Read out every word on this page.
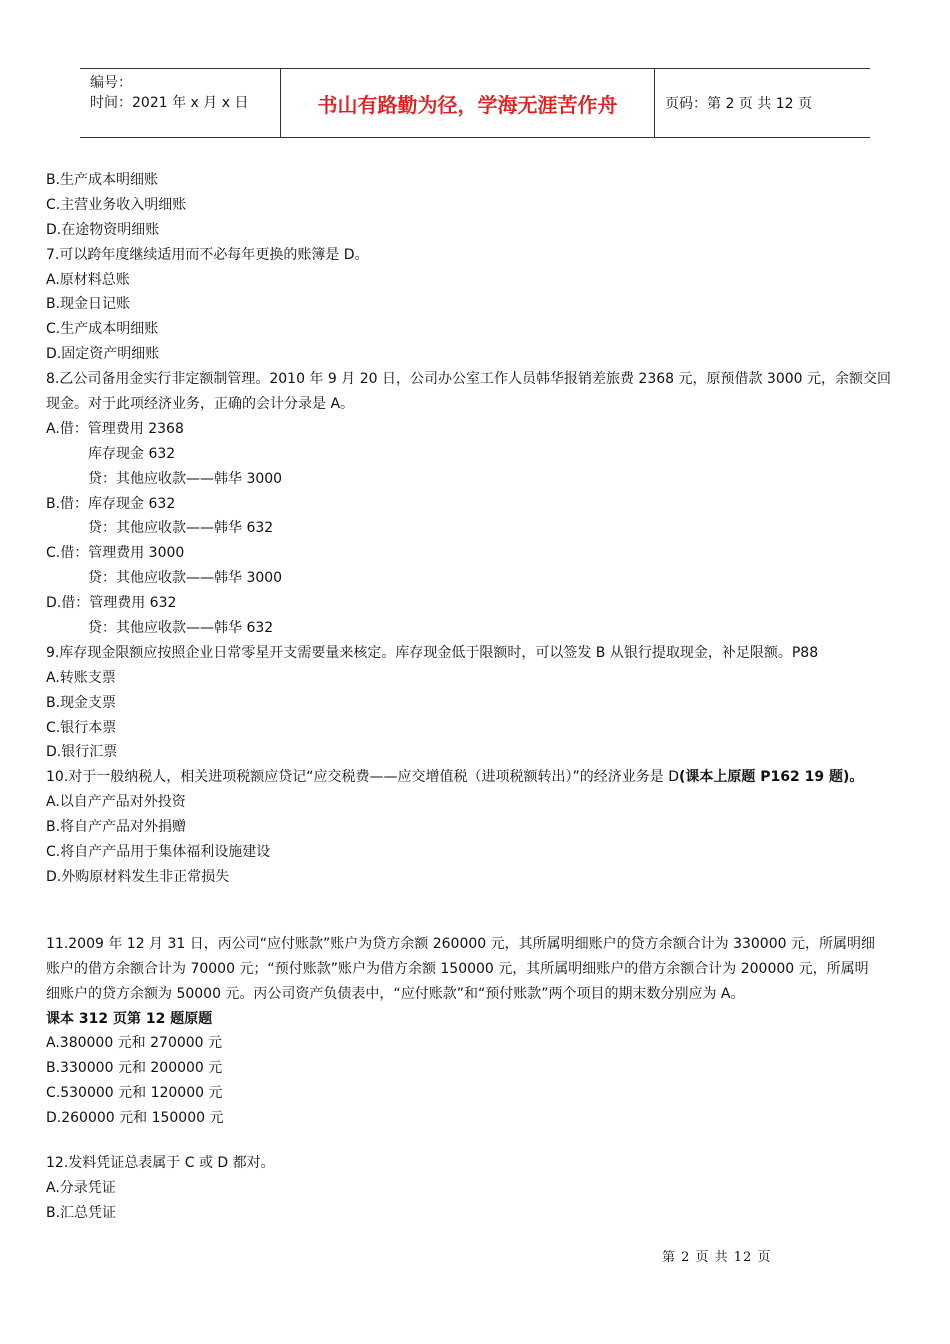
编号：
时间：2021 年 x 月 x 日	书山有路勤为径，学海无涯苦作舟	页码：第 2 页 共 12 页
B.生产成本明细账
C.主营业务收入明细账
D.在途物资明细账
7.可以跨年度继续适用而不必每年更换的账簿是 D。
A.原材料总账
B.现金日记账
C.生产成本明细账
D.固定资产明细账
8.乙公司备用金实行非定额制管理。2010 年 9 月 20 日，公司办公室工作人员韩华报销差旅费 2368 元，原预借款 3000 元，余额交回
现金。对于此项经济业务，正确的会计分录是 A。
A.借：管理费用 2368
库存现金 632
贷：其他应收款——韩华 3000
B.借：库存现金 632
贷：其他应收款——韩华 632
C.借：管理费用 3000
贷：其他应收款——韩华 3000
D.借：管理费用 632
贷：其他应收款——韩华 632
9.库存现金限额应按照企业日常零星开支需要量来核定。库存现金低于限额时，可以签发 B 从银行提取现金，补足限额。P88
A.转账支票
B.现金支票
C.银行本票
D.银行汇票
10.对于一般纳税人，相关进项税额应贷记“应交税费——应交增值税（进项税额转出）”的经济业务是 D(课本上原题 P162 19 题)。
A.以自产产品对外投资
B.将自产产品对外捐赠
C.将自产产品用于集体福利设施建设
D.外购原材料发生非正常损失
11.2009 年 12 月 31 日，丙公司“应付账款”账户为贷方余额 260000 元，其所属明细账户的贷方余额合计为 330000 元，所属明细
账户的借方余额合计为 70000 元；“预付账款”账户为借方余额 150000 元，其所属明细账户的借方余额合计为 200000 元，所属明
细账户的贷方余额为 50000 元。丙公司资产负债表中，“应付账款”和“预付账款”两个项目的期末数分别应为 A。
课本 312 页第 12 题原题
A.380000 元和 270000 元
B.330000 元和 200000 元
C.530000 元和 120000 元
D.260000 元和 150000 元
12.发料凭证总表属于 C 或 D 都对。
A.分录凭证
B.汇总凭证
第 2 页 共 12 页
